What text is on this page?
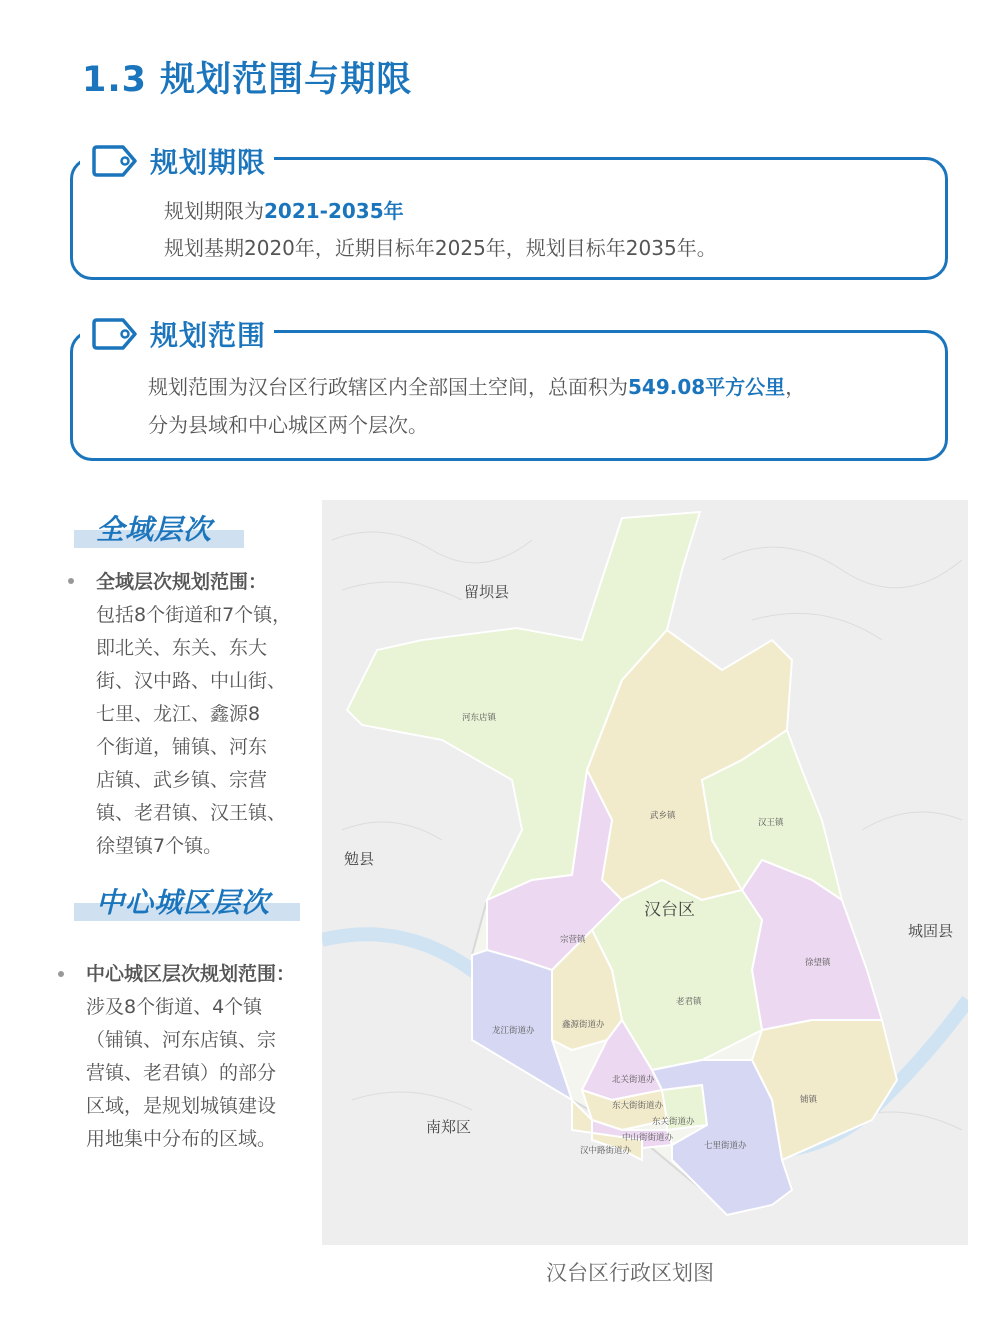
1.3 规划范围与期限
规划期限
规划期限为2021-2035年
规划基期2020年，近期目标年2025年，规划目标年2035年。
规划范围
规划范围为汉台区行政辖区内全部国土空间，总面积为549.08平方公里，
分为县域和中心城区两个层次。
全域层次
全域层次规划范围：
包括8个街道和7个镇，
即北关、东关、东大
街、汉中路、中山街、
七里、龙江、鑫源8
个街道，铺镇、河东
店镇、武乡镇、宗营
镇、老君镇、汉王镇、
徐望镇7个镇。
中心城区层次
中心城区层次规划范围：
涉及8个街道、4个镇
（铺镇、河东店镇、宗
营镇、老君镇）的部分
区域，是规划城镇建设
用地集中分布的区域。
留坝县
勉县
城固县
南郑区
汉台区
河东店镇
武乡镇
汉王镇
宗营镇
徐望镇
老君镇
龙江街道办
鑫源街道办
铺镇
北关街道办
东大街街道办
东关街道办
中山街街道办
汉中路街道办	七里街道办
汉台区行政区划图
